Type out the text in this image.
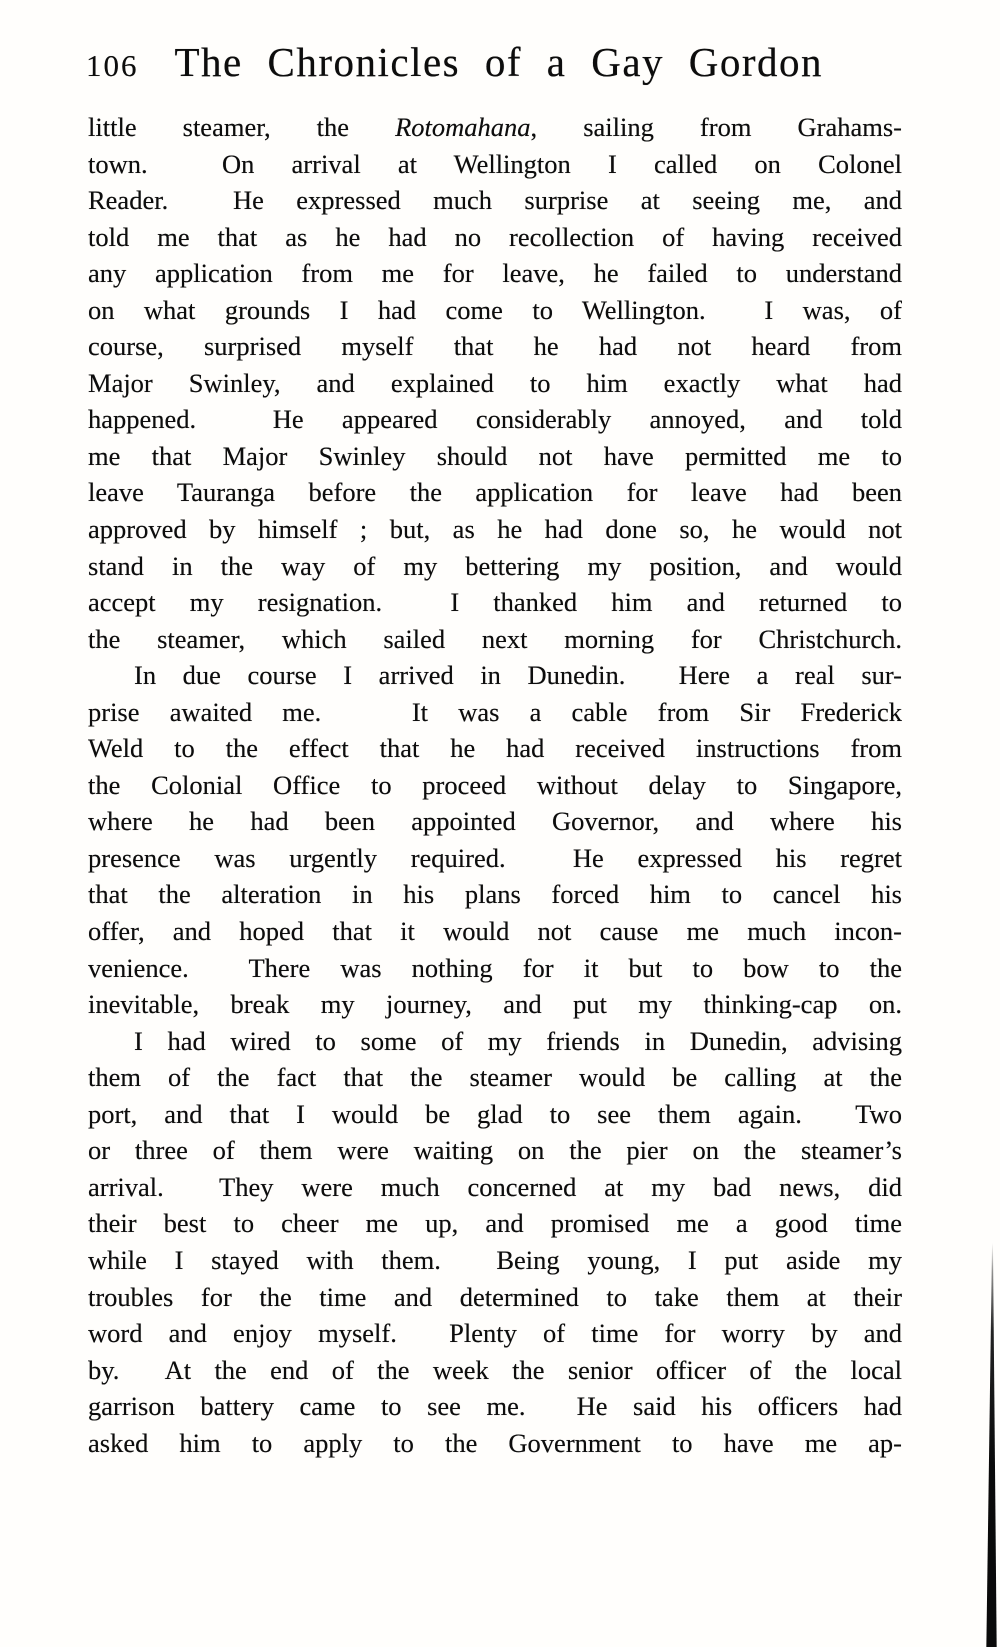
106 The Chronicles of a Gay Gordon
little steamer, the Rotomahana, sailing from Grahams-
town.  On arrival at Wellington I called on Colonel
Reader.  He expressed much surprise at seeing me, and
told me that as he had no recollection of having received
any application from me for leave, he failed to understand
on what grounds I had come to Wellington.  I was, of
course, surprised myself that he had not heard from
Major Swinley, and explained to him exactly what had
happened.  He appeared considerably annoyed, and told
me that Major Swinley should not have permitted me to
leave Tauranga before the application for leave had been
approved by himself ; but, as he had done so, he would not
stand in the way of my bettering my position, and would
accept my resignation.  I thanked him and returned to
the steamer, which sailed next morning for Christchurch.
In due course I arrived in Dunedin.  Here a real sur-
prise awaited me.   It was a cable from Sir Frederick
Weld to the effect that he had received instructions from
the Colonial Office to proceed without delay to Singapore,
where he had been appointed Governor, and where his
presence was urgently required.  He expressed his regret
that the alteration in his plans forced him to cancel his
offer, and hoped that it would not cause me much incon-
venience.  There was nothing for it but to bow to the
inevitable, break my journey, and put my thinking-cap on.
I had wired to some of my friends in Dunedin, advising
them of the fact that the steamer would be calling at the
port, and that I would be glad to see them again.  Two
or three of them were waiting on the pier on the steamer’s
arrival.  They were much concerned at my bad news, did
their best to cheer me up, and promised me a good time
while I stayed with them.  Being young, I put aside my
troubles for the time and determined to take them at their
word and enjoy myself.  Plenty of time for worry by and
by.  At the end of the week the senior officer of the local
garrison battery came to see me.  He said his officers had
asked him to apply to the Government to have me ap-
